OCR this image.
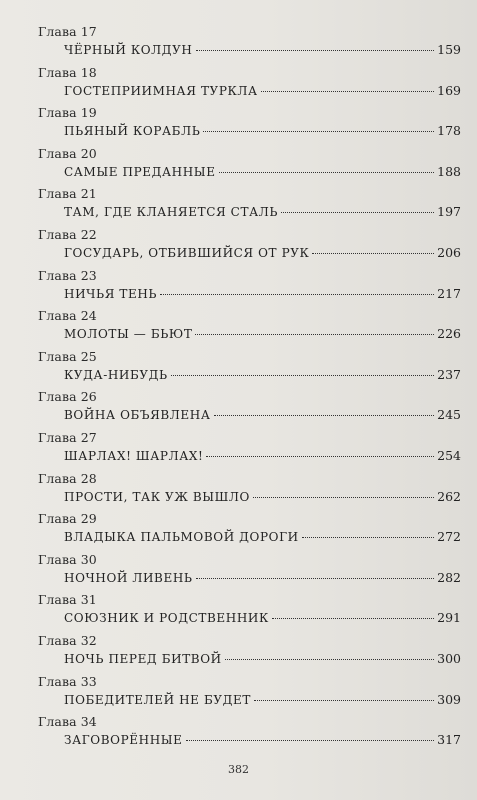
Глава 17
ЧЁРНЫЙ КОЛДУН	159
Глава 18
ГОСТЕПРИИМНАЯ ТУРКЛА	169
Глава 19
ПЬЯНЫЙ КОРАБЛЬ	178
Глава 20
САМЫЕ ПРЕДАННЫЕ	188
Глава 21
ТАМ, ГДЕ КЛАНЯЕТСЯ СТАЛЬ	197
Глава 22
ГОСУДАРЬ, ОТБИВШИЙСЯ ОТ РУК	206
Глава 23
НИЧЬЯ ТЕНЬ	217
Глава 24
МОЛОТЫ — БЬЮТ	226
Глава 25
КУДА-НИБУДЬ	237
Глава 26
ВОЙНА ОБЪЯВЛЕНА	245
Глава 27
ШАРЛАХ! ШАРЛАХ!	254
Глава 28
ПРОСТИ, ТАК УЖ ВЫШЛО	262
Глава 29
ВЛАДЫКА ПАЛЬМОВОЙ ДОРОГИ	272
Глава 30
НОЧНОЙ ЛИВЕНЬ	282
Глава 31
СОЮЗНИК И РОДСТВЕННИК	291
Глава 32
НОЧЬ ПЕРЕД БИТВОЙ	300
Глава 33
ПОБЕДИТЕЛЕЙ НЕ БУДЕТ	309
Глава 34
ЗАГОВОРЁННЫЕ	317
382
